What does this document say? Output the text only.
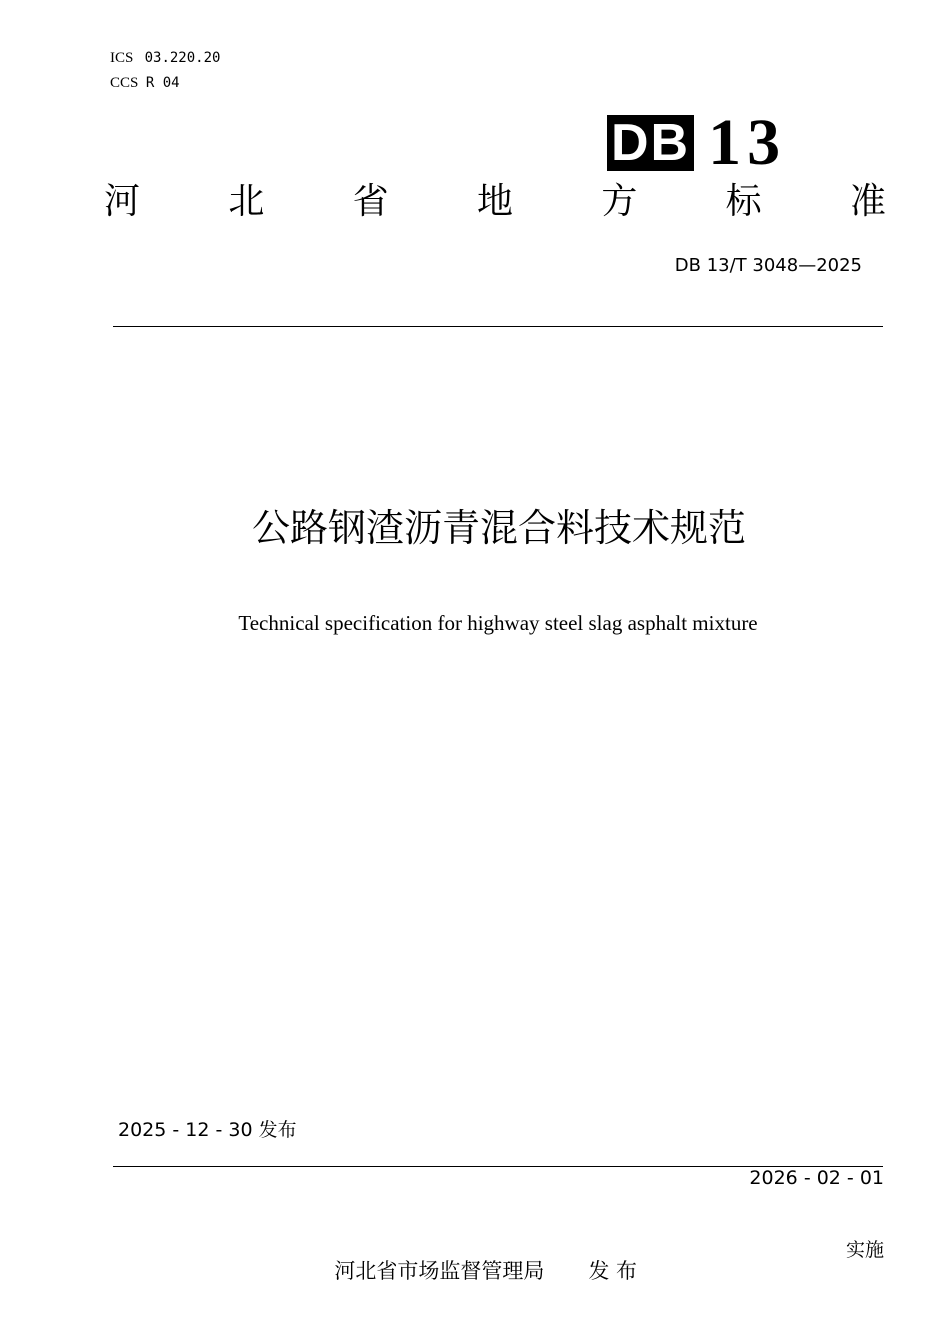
ICS 03.220.20

CCS R 04

DB 13
河 北 省 地 方 标 准
DB 13/T 3048—2025
公路钢渣沥青混合料技术规范
Technical specification for highway steel slag asphalt mixture
2025 - 12 - 30 发布

2026 - 02 - 01

实施

河北省市场监督管理局 发 布
